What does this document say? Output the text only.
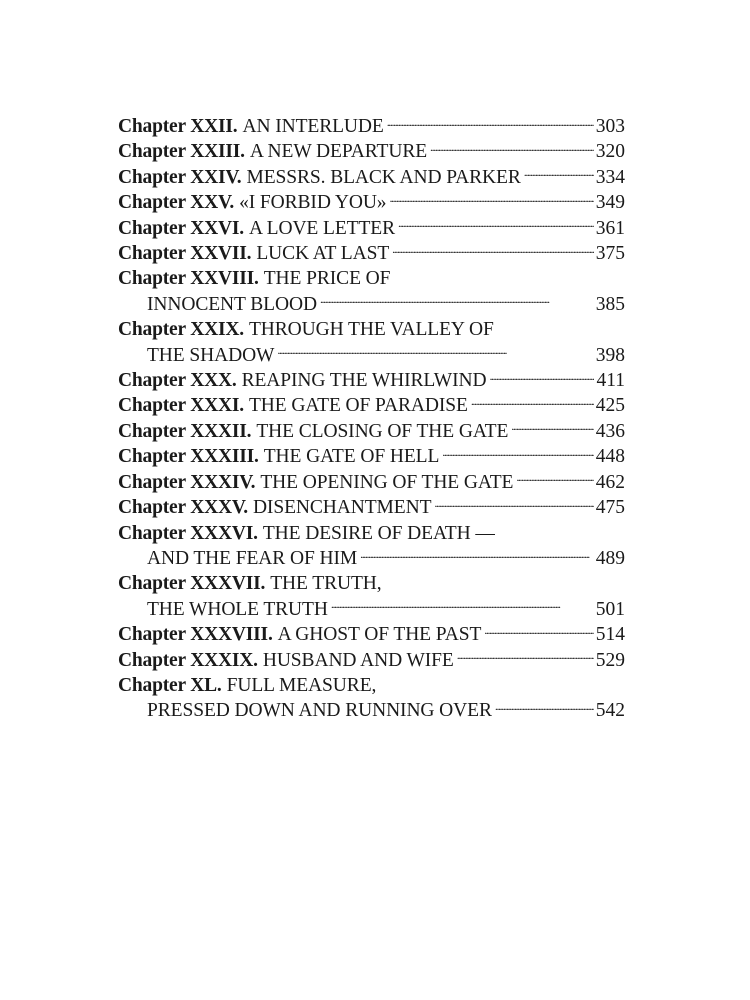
Chapter XXII. AN INTERLUDE . . .	303
Chapter XXIII. A NEW DEPARTURE . . .	320
Chapter XXIV. MESSRS. BLACK AND PARKER . . .	334
Chapter XXV. «I FORBID YOU» . . .	349
Chapter XXVI. A LOVE LETTER . . .	361
Chapter XXVII. LUCK AT LAST . . .	375
Chapter XXVIII. THE PRICE OF
INNOCENT BLOOD . . .	385
Chapter XXIX. THROUGH THE VALLEY OF
THE SHADOW . . .	398
Chapter XXX. REAPING THE WHIRLWIND . . .	411
Chapter XXXI. THE GATE OF PARADISE . . .	425
Chapter XXXII. THE CLOSING OF THE GATE . . .	436
Chapter XXXIII. THE GATE OF HELL . . .	448
Chapter XXXIV. THE OPENING OF THE GATE . . .	462
Chapter XXXV. DISENCHANTMENT . . .	475
Chapter XXXVI. THE DESIRE OF DEATH —
AND THE FEAR OF HIM . . .	489
Chapter XXXVII. THE TRUTH,
THE WHOLE TRUTH . . .	501
Chapter XXXVIII. A GHOST OF THE PAST . . .	514
Chapter XXXIX. HUSBAND AND WIFE . . .	529
Chapter XL. FULL MEASURE,
PRESSED DOWN AND RUNNING OVER . . .	542
